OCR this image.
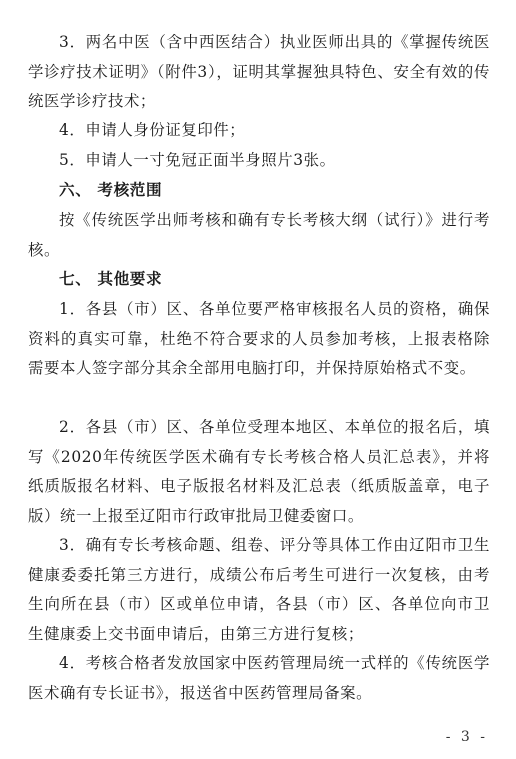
3．两名中医（含中西医结合）执业医师出具的《掌握传统医学诊疗技术证明》（附件3），证明其掌握独具特色、安全有效的传统医学诊疗技术；

4．申请人身份证复印件；

5．申请人一寸免冠正面半身照片3张。

六、 考核范围

按《传统医学出师考核和确有专长考核大纲（试行）》进行考核。

七、 其他要求

1．各县（市）区、各单位要严格审核报名人员的资格，确保资料的真实可靠，杜绝不符合要求的人员参加考核，上报表格除需要本人签字部分其余全部用电脑打印，并保持原始格式不变。

2．各县（市）区、各单位受理本地区、本单位的报名后，填写《2020年传统医学医术确有专长考核合格人员汇总表》，并将纸质版报名材料、电子版报名材料及汇总表（纸质版盖章，电子版）统一上报至辽阳市行政审批局卫健委窗口。

3．确有专长考核命题、组卷、评分等具体工作由辽阳市卫生健康委委托第三方进行，成绩公布后考生可进行一次复核，由考生向所在县（市）区或单位申请，各县（市）区、各单位向市卫生健康委上交书面申请后，由第三方进行复核；

4．考核合格者发放国家中医药管理局统一式样的《传统医学医术确有专长证书》，报送省中医药管理局备案。

- 3 -
